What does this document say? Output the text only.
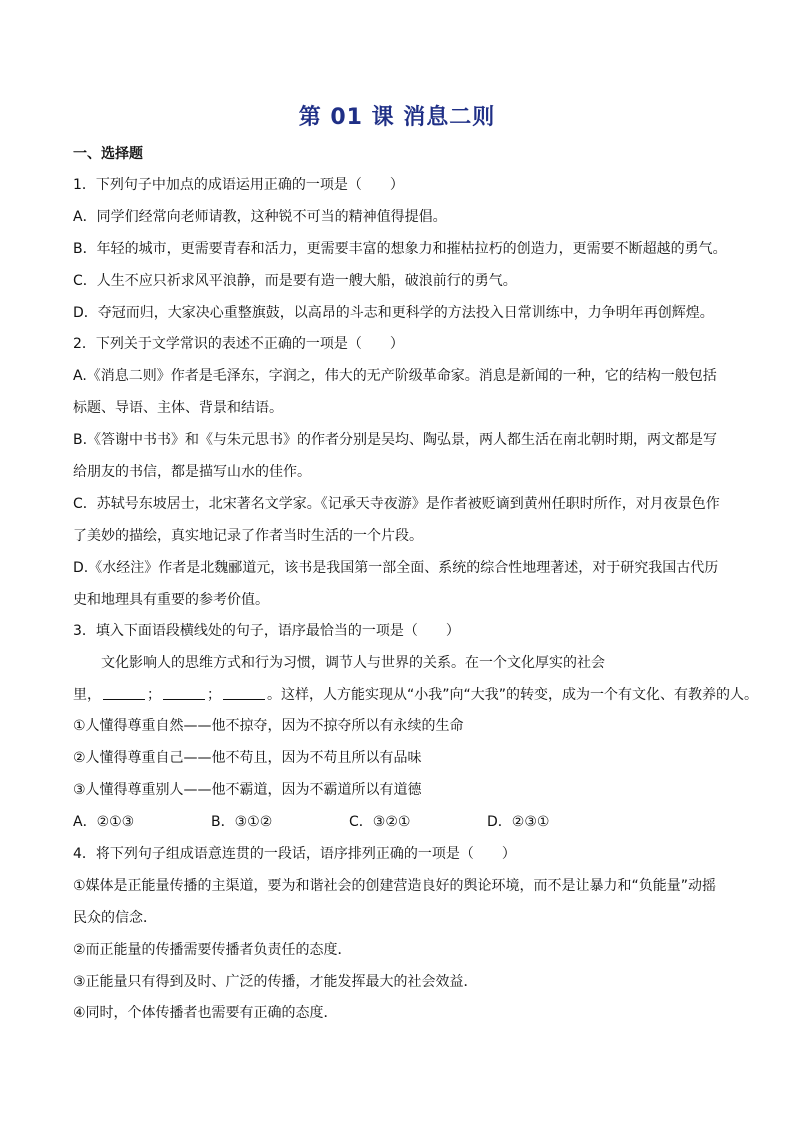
第 01 课 消息二则
一、选择题
1．下列句子中加点的成语运用正确的一项是（　　）
A．同学们经常向老师请教，这种锐不可当的精神值得提倡。
B．年轻的城市，更需要青春和活力，更需要丰富的想象力和摧枯拉朽的创造力，更需要不断超越的勇气。
C．人生不应只祈求风平浪静，而是要有造一艘大船，破浪前行的勇气。
D．夺冠而归，大家决心重整旗鼓，以高昂的斗志和更科学的方法投入日常训练中，力争明年再创辉煌。
2．下列关于文学常识的表述不正确的一项是（　　）
A.《消息二则》作者是毛泽东，字润之，伟大的无产阶级革命家。消息是新闻的一种，它的结构一般包括
标题、导语、主体、背景和结语。
B.《答谢中书书》和《与朱元思书》的作者分别是吴均、陶弘景，两人都生活在南北朝时期，两文都是写
给朋友的书信，都是描写山水的佳作。
C．苏轼号东坡居士，北宋著名文学家。《记承天寺夜游》是作者被贬谪到黄州任职时所作，对月夜景色作
了美妙的描绘，真实地记录了作者当时生活的一个片段。
D.《水经注》作者是北魏郦道元，该书是我国第一部全面、系统的综合性地理著述，对于研究我国古代历
史和地理具有重要的参考价值。
3．填入下面语段横线处的句子，语序最恰当的一项是（　　）
文化影响人的思维方式和行为习惯，调节人与世界的关系。在一个文化厚实的社会
里，	；	；	。这样，人方能实现从“小我”向“大我”的转变，成为一个有文化、有教养的人。
①人懂得尊重自然——他不掠夺，因为不掠夺所以有永续的生命
②人懂得尊重自己——他不苟且，因为不苟且所以有品味
③人懂得尊重别人——他不霸道，因为不霸道所以有道德
A．②①③	B．③①②	C．③②①	D．②③①
4．将下列句子组成语意连贯的一段话，语序排列正确的一项是（　　）
①媒体是正能量传播的主渠道，要为和谐社会的创建营造良好的舆论环境，而不是让暴力和“负能量”动摇
民众的信念．
②而正能量的传播需要传播者负责任的态度．
③正能量只有得到及时、广泛的传播，才能发挥最大的社会效益．
④同时，个体传播者也需要有正确的态度．
